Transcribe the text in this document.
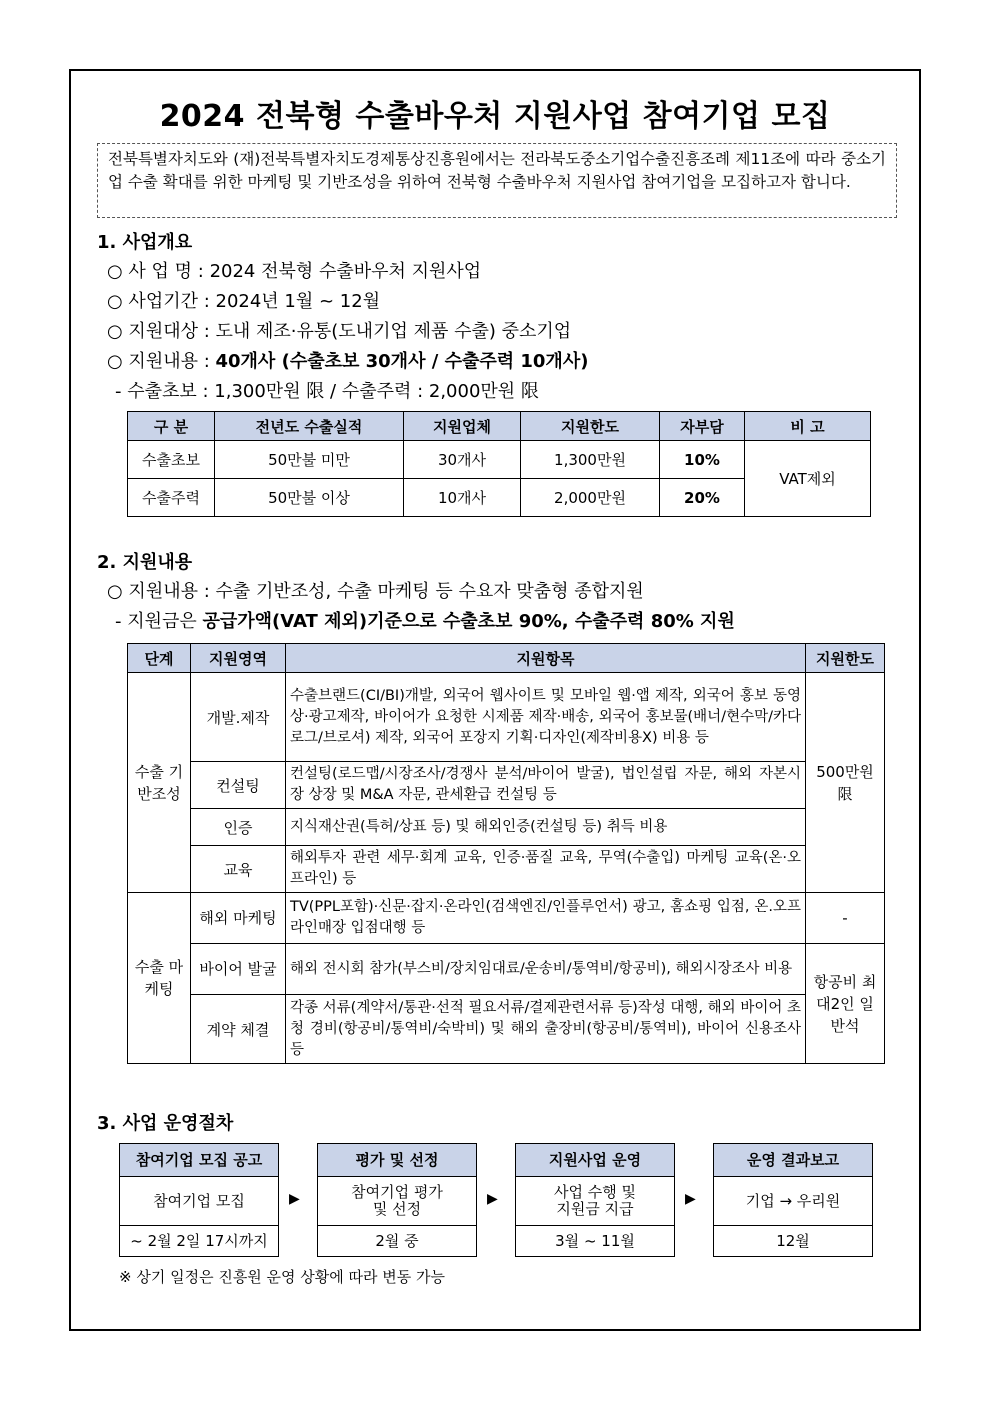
2024 전북형 수출바우처 지원사업 참여기업 모집
전북특별자치도와 (재)전북특별자치도경제통상진흥원에서는 전라북도중소기업수출진흥조례 제11조에 따라 중소기업 수출 확대를 위한 마케팅 및 기반조성을 위하여 전북형 수출바우처 지원사업 참여기업을 모집하고자 합니다.
1. 사업개요
○ 사 업 명 : 2024 전북형 수출바우처 지원사업
○ 사업기간 : 2024년 1월 ~ 12월
○ 지원대상 : 도내 제조·유통(도내기업 제품 수출) 중소기업
○ 지원내용 : 40개사 (수출초보 30개사 / 수출주력 10개사)
- 수출초보 : 1,300만원 限 / 수출주력 : 2,000만원 限
구 분	전년도 수출실적	지원업체	지원한도	자부담	비 고
수출초보	50만불 미만	30개사	1,300만원	10%	VAT제외
수출주력	50만불 이상	10개사	2,000만원	20%	
2. 지원내용
○ 지원내용 : 수출 기반조성, 수출 마케팅 등 수요자 맞춤형 종합지원
- 지원금은 공급가액(VAT 제외)기준으로 수출초보 90%, 수출주력 80% 지원
단계	지원영역	지원항목	지원한도
수출 기반조성	개발.제작	수출브랜드(CI/BI)개발, 외국어 웹사이트 및 모바일 웹·앱 제작, 외국어 홍보 동영상·광고제작, 바이어가 요청한 시제품 제작·배송, 외국어 홍보물(배너/현수막/카다로그/브로셔) 제작, 외국어 포장지 기획·디자인(제작비용X) 비용 등	500만원 限
	컨설팅	컨설팅(로드맵/시장조사/경쟁사 분석/바이어 발굴), 법인설립 자문, 해외 자본시장 상장 및 M&A 자문, 관세환급 컨설팅 등	
	인증	지식재산권(특허/상표 등) 및 해외인증(컨설팅 등) 취득 비용	
	교육	해외투자 관련 세무·회계 교육, 인증·품질 교육, 무역(수출입) 마케팅 교육(온·오프라인) 등	
수출 마케팅	해외 마케팅	TV(PPL포함)·신문·잡지·온라인(검색엔진/인플루언서) 광고, 홈쇼핑 입점, 온.오프라인매장 입점대행 등	-
	바이어 발굴	해외 전시회 참가(부스비/장치임대료/운송비/통역비/항공비), 해외시장조사 비용	항공비 최대2인 일반석
	계약 체결	각종 서류(계약서/통관·선적 필요서류/결제관련서류 등)작성 대행, 해외 바이어 초청 경비(항공비/통역비/숙박비) 및 해외 출장비(항공비/통역비), 바이어 신용조사 등	
3. 사업 운영절차
참여기업 모집 공고
참여기업 모집
~ 2월 2일 17시까지
▶
평가 및 선정
참여기업 평가 및 선정
2월 중
▶
지원사업 운영
사업 수행 및 지원금 지급
3월 ~ 11월
▶
운영 결과보고
기업 → 우리원
12월
※ 상기 일정은 진흥원 운영 상황에 따라 변동 가능
